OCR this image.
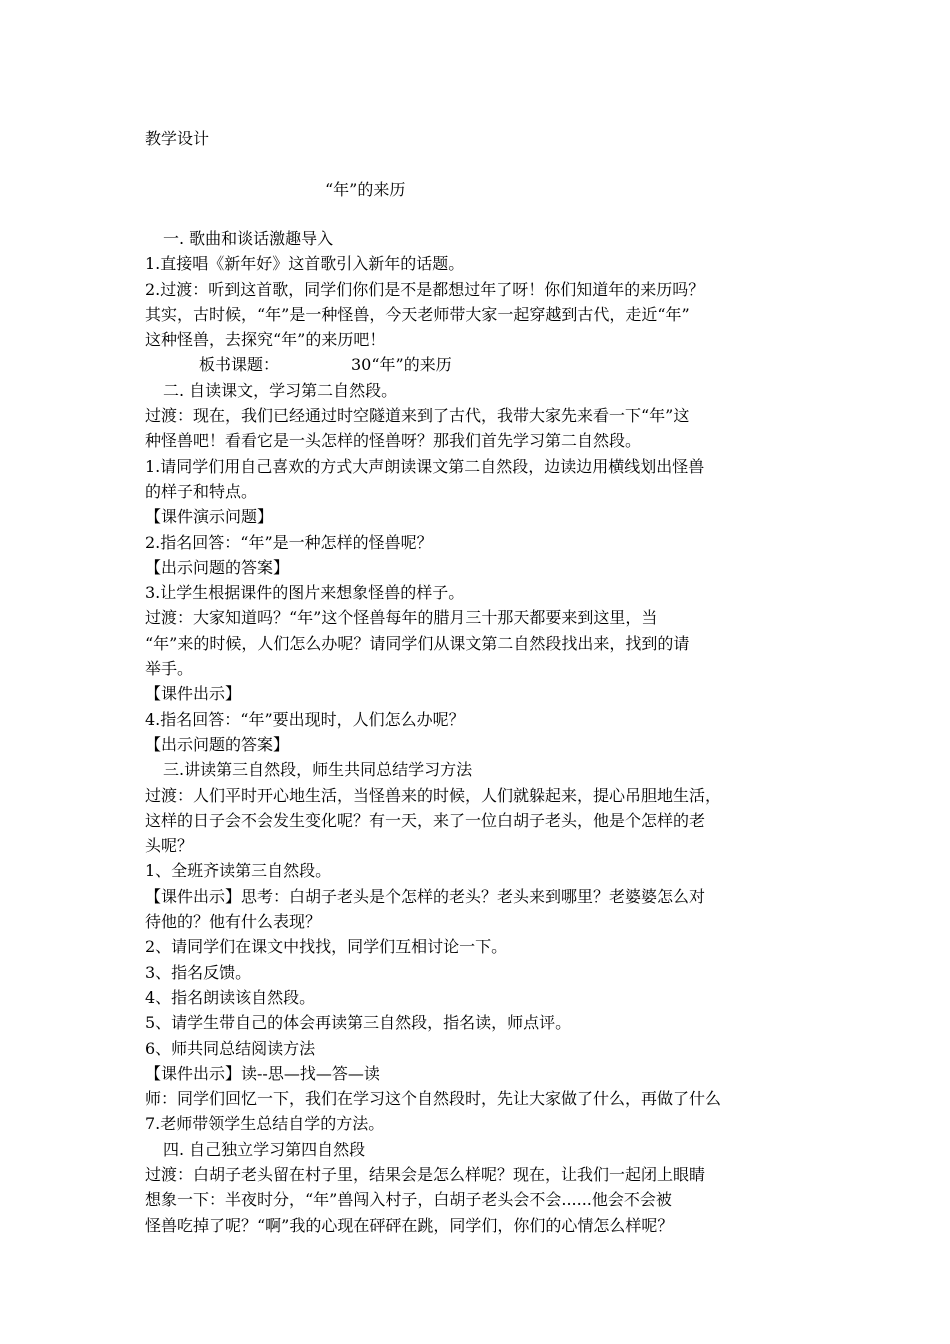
教学设计
“年”的来历
一. 歌曲和谈话激趣导入
1.直接唱《新年好》这首歌引入新年的话题。
2.过渡：听到这首歌，同学们你们是不是都想过年了呀！你们知道年的来历吗？
其实，古时候，“年”是一种怪兽，今天老师带大家一起穿越到古代，走近“年”
这种怪兽，去探究“年”的来历吧！
板书课题：　　　　　30“年”的来历
二. 自读课文，学习第二自然段。
过渡：现在，我们已经通过时空隧道来到了古代，我带大家先来看一下“年”这
种怪兽吧！看看它是一头怎样的怪兽呀？那我们首先学习第二自然段。
1.请同学们用自己喜欢的方式大声朗读课文第二自然段，边读边用横线划出怪兽
的样子和特点。
【课件演示问题】
2.指名回答：“年”是一种怎样的怪兽呢？
【出示问题的答案】
3.让学生根据课件的图片来想象怪兽的样子。
过渡：大家知道吗？“年”这个怪兽每年的腊月三十那天都要来到这里，当
“年”来的时候，人们怎么办呢？请同学们从课文第二自然段找出来，找到的请
举手。
【课件出示】
4.指名回答：“年”要出现时，人们怎么办呢？
【出示问题的答案】
三.讲读第三自然段，师生共同总结学习方法
过渡：人们平时开心地生活，当怪兽来的时候，人们就躲起来，提心吊胆地生活，
这样的日子会不会发生变化呢？有一天，来了一位白胡子老头，他是个怎样的老
头呢？
1、全班齐读第三自然段。
【课件出示】思考：白胡子老头是个怎样的老头？老头来到哪里？老婆婆怎么对
待他的？他有什么表现？
2、请同学们在课文中找找，同学们互相讨论一下。
3、指名反馈。
4、指名朗读该自然段。
5、请学生带自己的体会再读第三自然段，指名读，师点评。
6、师共同总结阅读方法
【课件出示】读--思—找—答—读
师：同学们回忆一下，我们在学习这个自然段时，先让大家做了什么，再做了什么
7.老师带领学生总结自学的方法。
四. 自己独立学习第四自然段
过渡：白胡子老头留在村子里，结果会是怎么样呢？现在，让我们一起闭上眼睛
想象一下：半夜时分，“年”兽闯入村子，白胡子老头会不会......他会不会被
怪兽吃掉了呢？“啊”我的心现在砰砰在跳，同学们，你们的心情怎么样呢？
